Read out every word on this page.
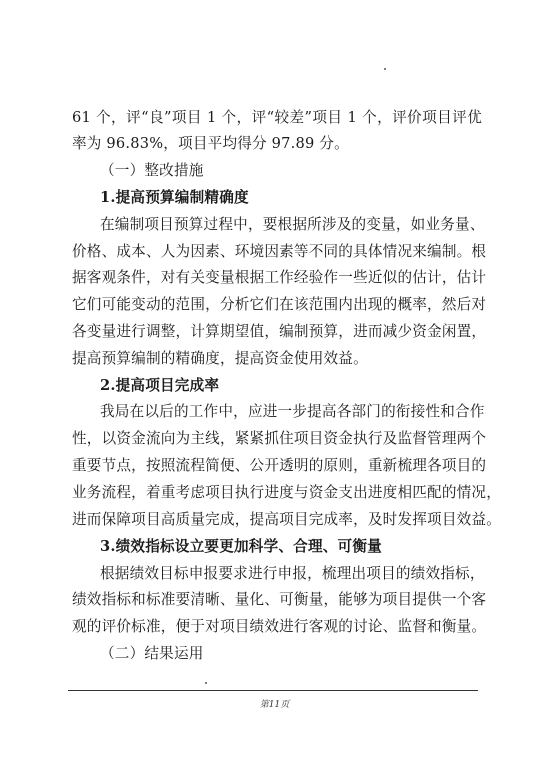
61 个，评“良”项目 1 个，评“较差”项目 1 个，评价项目评优
率为 96.83%，项目平均得分 97.89 分。
（一）整改措施
1.提高预算编制精确度
在编制项目预算过程中，要根据所涉及的变量，如业务量、
价格、成本、人为因素、环境因素等不同的具体情况来编制。根
据客观条件，对有关变量根据工作经验作一些近似的估计，估计
它们可能变动的范围，分析它们在该范围内出现的概率，然后对
各变量进行调整，计算期望值，编制预算，进而减少资金闲置，
提高预算编制的精确度，提高资金使用效益。
2.提高项目完成率
我局在以后的工作中，应进一步提高各部门的衔接性和合作
性，以资金流向为主线，紧紧抓住项目资金执行及监督管理两个
重要节点，按照流程简便、公开透明的原则，重新梳理各项目的
业务流程，着重考虑项目执行进度与资金支出进度相匹配的情况，
进而保障项目高质量完成，提高项目完成率，及时发挥项目效益。
3.绩效指标设立要更加科学、合理、可衡量
根据绩效目标申报要求进行申报，梳理出项目的绩效指标，
绩效指标和标准要清晰、量化、可衡量，能够为项目提供一个客
观的评价标准，便于对项目绩效进行客观的讨论、监督和衡量。
（二）结果运用
第11页
